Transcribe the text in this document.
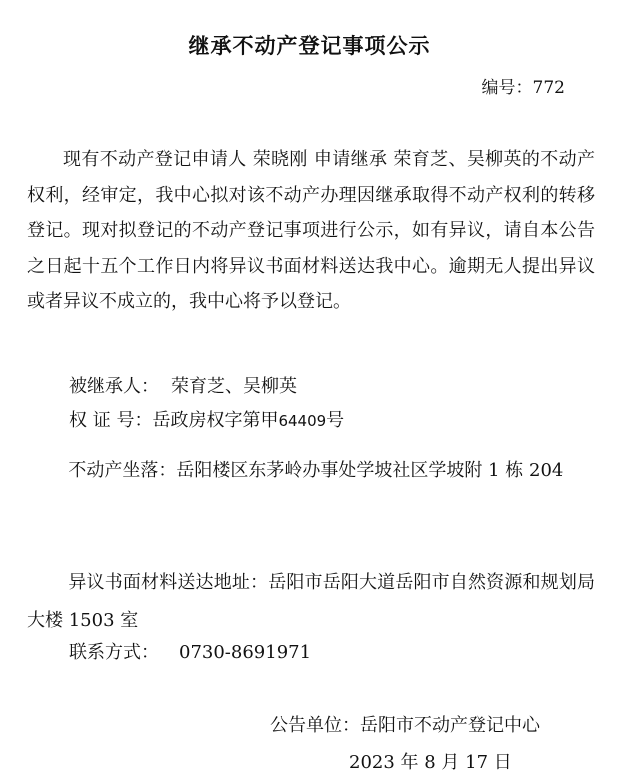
继承不动产登记事项公示
编号：772

现有不动产登记申请人 荣晓刚 申请继承 荣育芝、吴柳英的不动产权利，经审定，我中心拟对该不动产办理因继承取得不动产权利的转移登记。现对拟登记的不动产登记事项进行公示，如有异议，请自本公告之日起十五个工作日内将异议书面材料送达我中心。逾期无人提出异议或者异议不成立的，我中心将予以登记。

被继承人： 荣育芝、吴柳英
权 证 号：岳政房权字第甲64409号

不动产坐落：岳阳楼区东茅岭办事处学坡社区学坡附 1 栋 204

异议书面材料送达地址：岳阳市岳阳大道岳阳市自然资源和规划局大楼 1503 室

联系方式： 0730-8691971
公告单位：岳阳市不动产登记中心
2023 年 8 月 17 日
